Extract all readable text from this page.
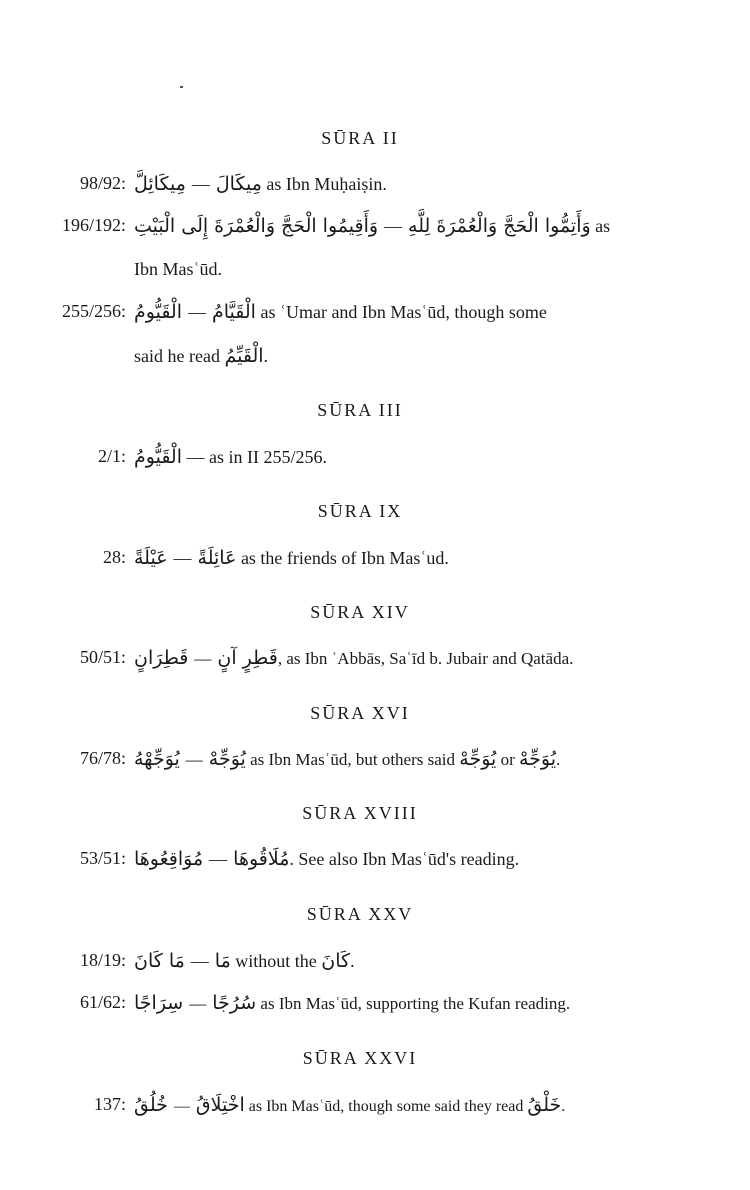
SŪRA II
98/92: مِيكَائِلَّ — مِيكَالَ as Ibn Muḥaiṣin.
196/192: وَأَقِيمُوا الْحَجَّ وَالْعُمْرَةَ إِلَى الْبَيْتِ — وَأَتِمُّوا الْحَجَّ وَالْعُمْرَةَ لِلَّهِ as
Ibn Masʿūd.
255/256: الْقَيُّومُ — الْقَيَّامُ as ʿUmar and Ibn Masʿūd, though some
said he read الْقَيِّمُ.
SŪRA III
2/1: الْقَيُّومُ — as in II 255/256.
SŪRA IX
28: عَيْلَةً — عَائِلَةً as the friends of Ibn Masʿud.
SŪRA XIV
50/51: قَطِرَانٍ — قَطِرٍ آنٍ, as Ibn ʿAbbās, Saʿīd b. Jubair and Qatāda.
SŪRA XVI
76/78: يُوَجِّهْهُ — يُوَجِّهْ as Ibn Masʿūd, but others said يُوَجِّهْ or يُوَجِّهْ.
SŪRA XVIII
53/51: مُوَاقِعُوهَا — مُلَاقُوهَا. See also Ibn Masʿūd's reading.
SŪRA XXV
18/19: مَا كَانَ — مَا without the كَانَ.
61/62: سِرَاجًا — سُرُجًا as Ibn Masʿūd, supporting the Kufan reading.
SŪRA XXVI
137: خُلُقُ — اخْتِلَاقُ as Ibn Masʿūd, though some said they read خَلْقُ.
